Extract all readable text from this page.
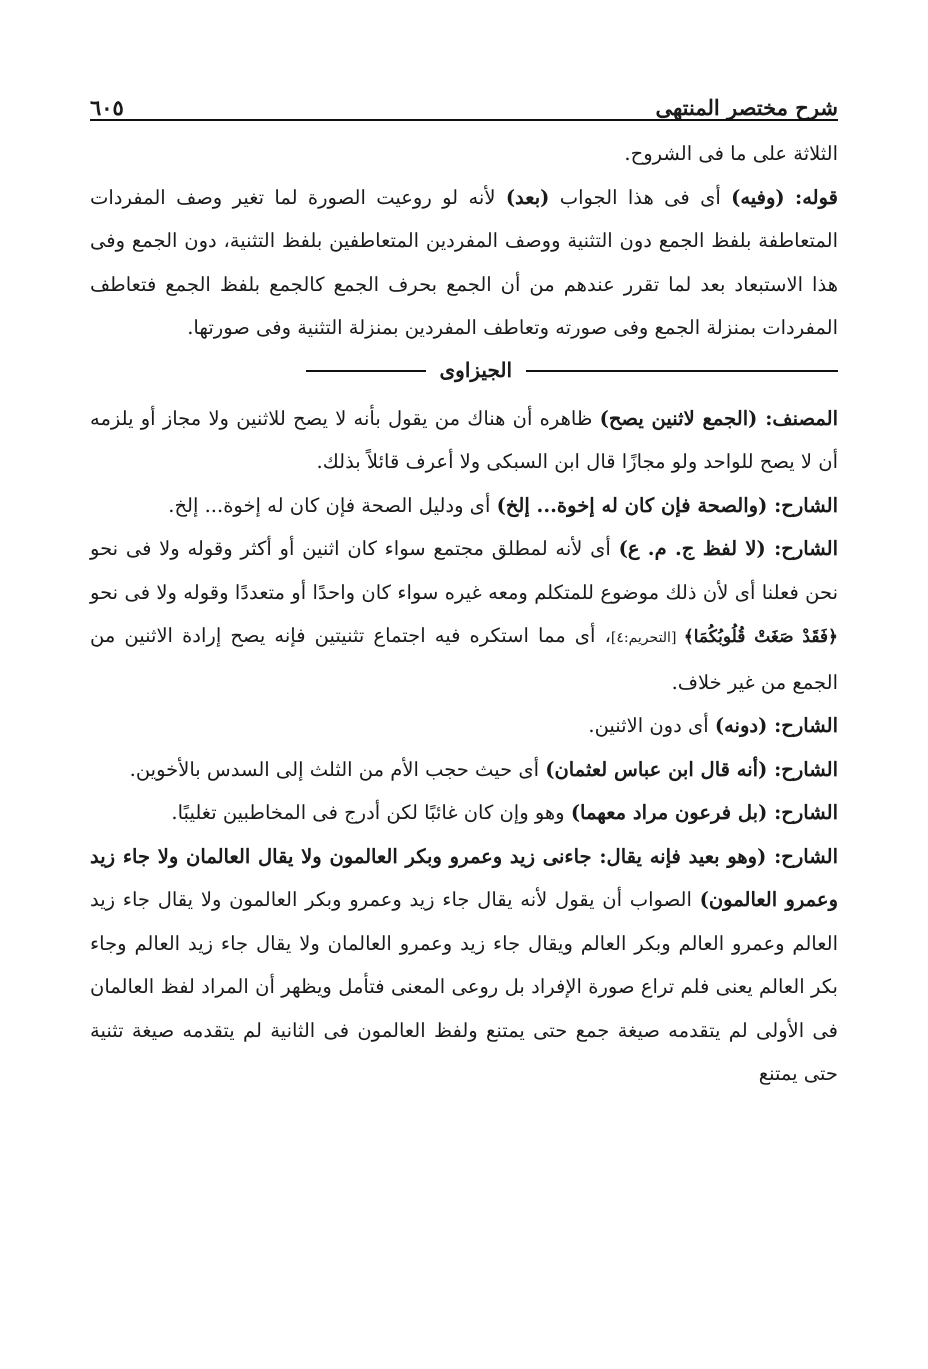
شرح مختصر المنتهى
٦٠٥

الثلاثة على ما فى الشروح.

قوله: (وفيه) أى فى هذا الجواب (بعد) لأنه لو روعيت الصورة لما تغير وصف المفردات المتعاطفة بلفظ الجمع دون التثنية ووصف المفردين المتعاطفين بلفظ التثنية، دون الجمع وفى هذا الاستبعاد بعد لما تقرر عندهم من أن الجمع بحرف الجمع كالجمع بلفظ الجمع فتعاطف المفردات بمنزلة الجمع وفى صورته وتعاطف المفردين بمنزلة التثنية وفى صورتها.

الجيزاوى

المصنف: (الجمع لاثنين يصح) ظاهره أن هناك من يقول بأنه لا يصح للاثنين ولا مجاز أو يلزمه أن لا يصح للواحد ولو مجازًا قال ابن السبكى ولا أعرف قائلاً بذلك.

الشارح: (والصحة فإن كان له إخوة... إلخ) أى ودليل الصحة فإن كان له إخوة... إلخ.

الشارح: (لا لفظ ج. م. ع) أى لأنه لمطلق مجتمع سواء كان اثنين أو أكثر وقوله ولا فى نحو نحن فعلنا أى لأن ذلك موضوع للمتكلم ومعه غيره سواء كان واحدًا أو متعددًا وقوله ولا فى نحو ﴿فَقَدْ صَغَتْ قُلُوبُكُمَا﴾ [التحريم:٤]، أى مما استكره فيه اجتماع تثنيتين فإنه يصح إرادة الاثنين من الجمع من غير خلاف.

الشارح: (دونه) أى دون الاثنين.

الشارح: (أنه قال ابن عباس لعثمان) أى حيث حجب الأم من الثلث إلى السدس بالأخوين.

الشارح: (بل فرعون مراد معهما) وهو وإن كان غائبًا لكن أدرج فى المخاطبين تغليبًا.

الشارح: (وهو بعيد فإنه يقال: جاءنى زيد وعمرو وبكر العالمون ولا يقال العالمان ولا جاء زيد وعمرو العالمون) الصواب أن يقول لأنه يقال جاء زيد وعمرو وبكر العالمون ولا يقال جاء زيد العالم وعمرو العالم وبكر العالم ويقال جاء زيد وعمرو العالمان ولا يقال جاء زيد العالم وجاء بكر العالم يعنى فلم تراع صورة الإفراد بل روعى المعنى فتأمل ويظهر أن المراد لفظ العالمان فى الأولى لم يتقدمه صيغة جمع حتى يمتنع ولفظ العالمون فى الثانية لم يتقدمه صيغة تثنية حتى يمتنع
